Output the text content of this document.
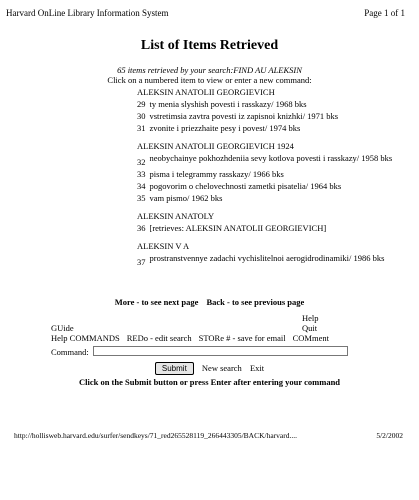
Harvard OnLine Library Information System	Page 1 of 1
List of Items Retrieved
65 items retrieved by your search:FIND AU ALEKSIN
Click on a numbered item to view or enter a new command:
ALEKSIN ANATOLII GEORGIEVICH
29 ty menia slyshish povesti i rasskazy/ 1968 bks
30 vstretimsia zavtra povesti iz zapisnoi knizhki/ 1971 bks
31 zvonite i priezzhaite pesy i povest/ 1974 bks
ALEKSIN ANATOLII GEORGIEVICH 1924
32 neobychainye pokhozhdeniia sevy kotlova povesti i rasskazy/ 1958 bks
33 pisma i telegrammy rasskazy/ 1966 bks
34 pogovorim o chelovechnosti zametki pisatelia/ 1964 bks
35 vam pismo/ 1962 bks
ALEKSIN ANATOLY
36 [retrieves: ALEKSIN ANATOLII GEORGIEVICH]
ALEKSIN V A
37 prostranstvennye zadachi vychislitelnoi aerogidrodinamiki/ 1986 bks
More - to see next page Back - to see previous page
Help
Quit
GUide
Help COMMANDS REDo - edit search STORe # - save for email COMment
Command:
Submit New search Exit
Click on the Submit button or press Enter after entering your command
http://hollisweb.harvard.edu/surfer/sendkeys/71_red265528119_266443305/BACK/harvard....	5/2/2002
